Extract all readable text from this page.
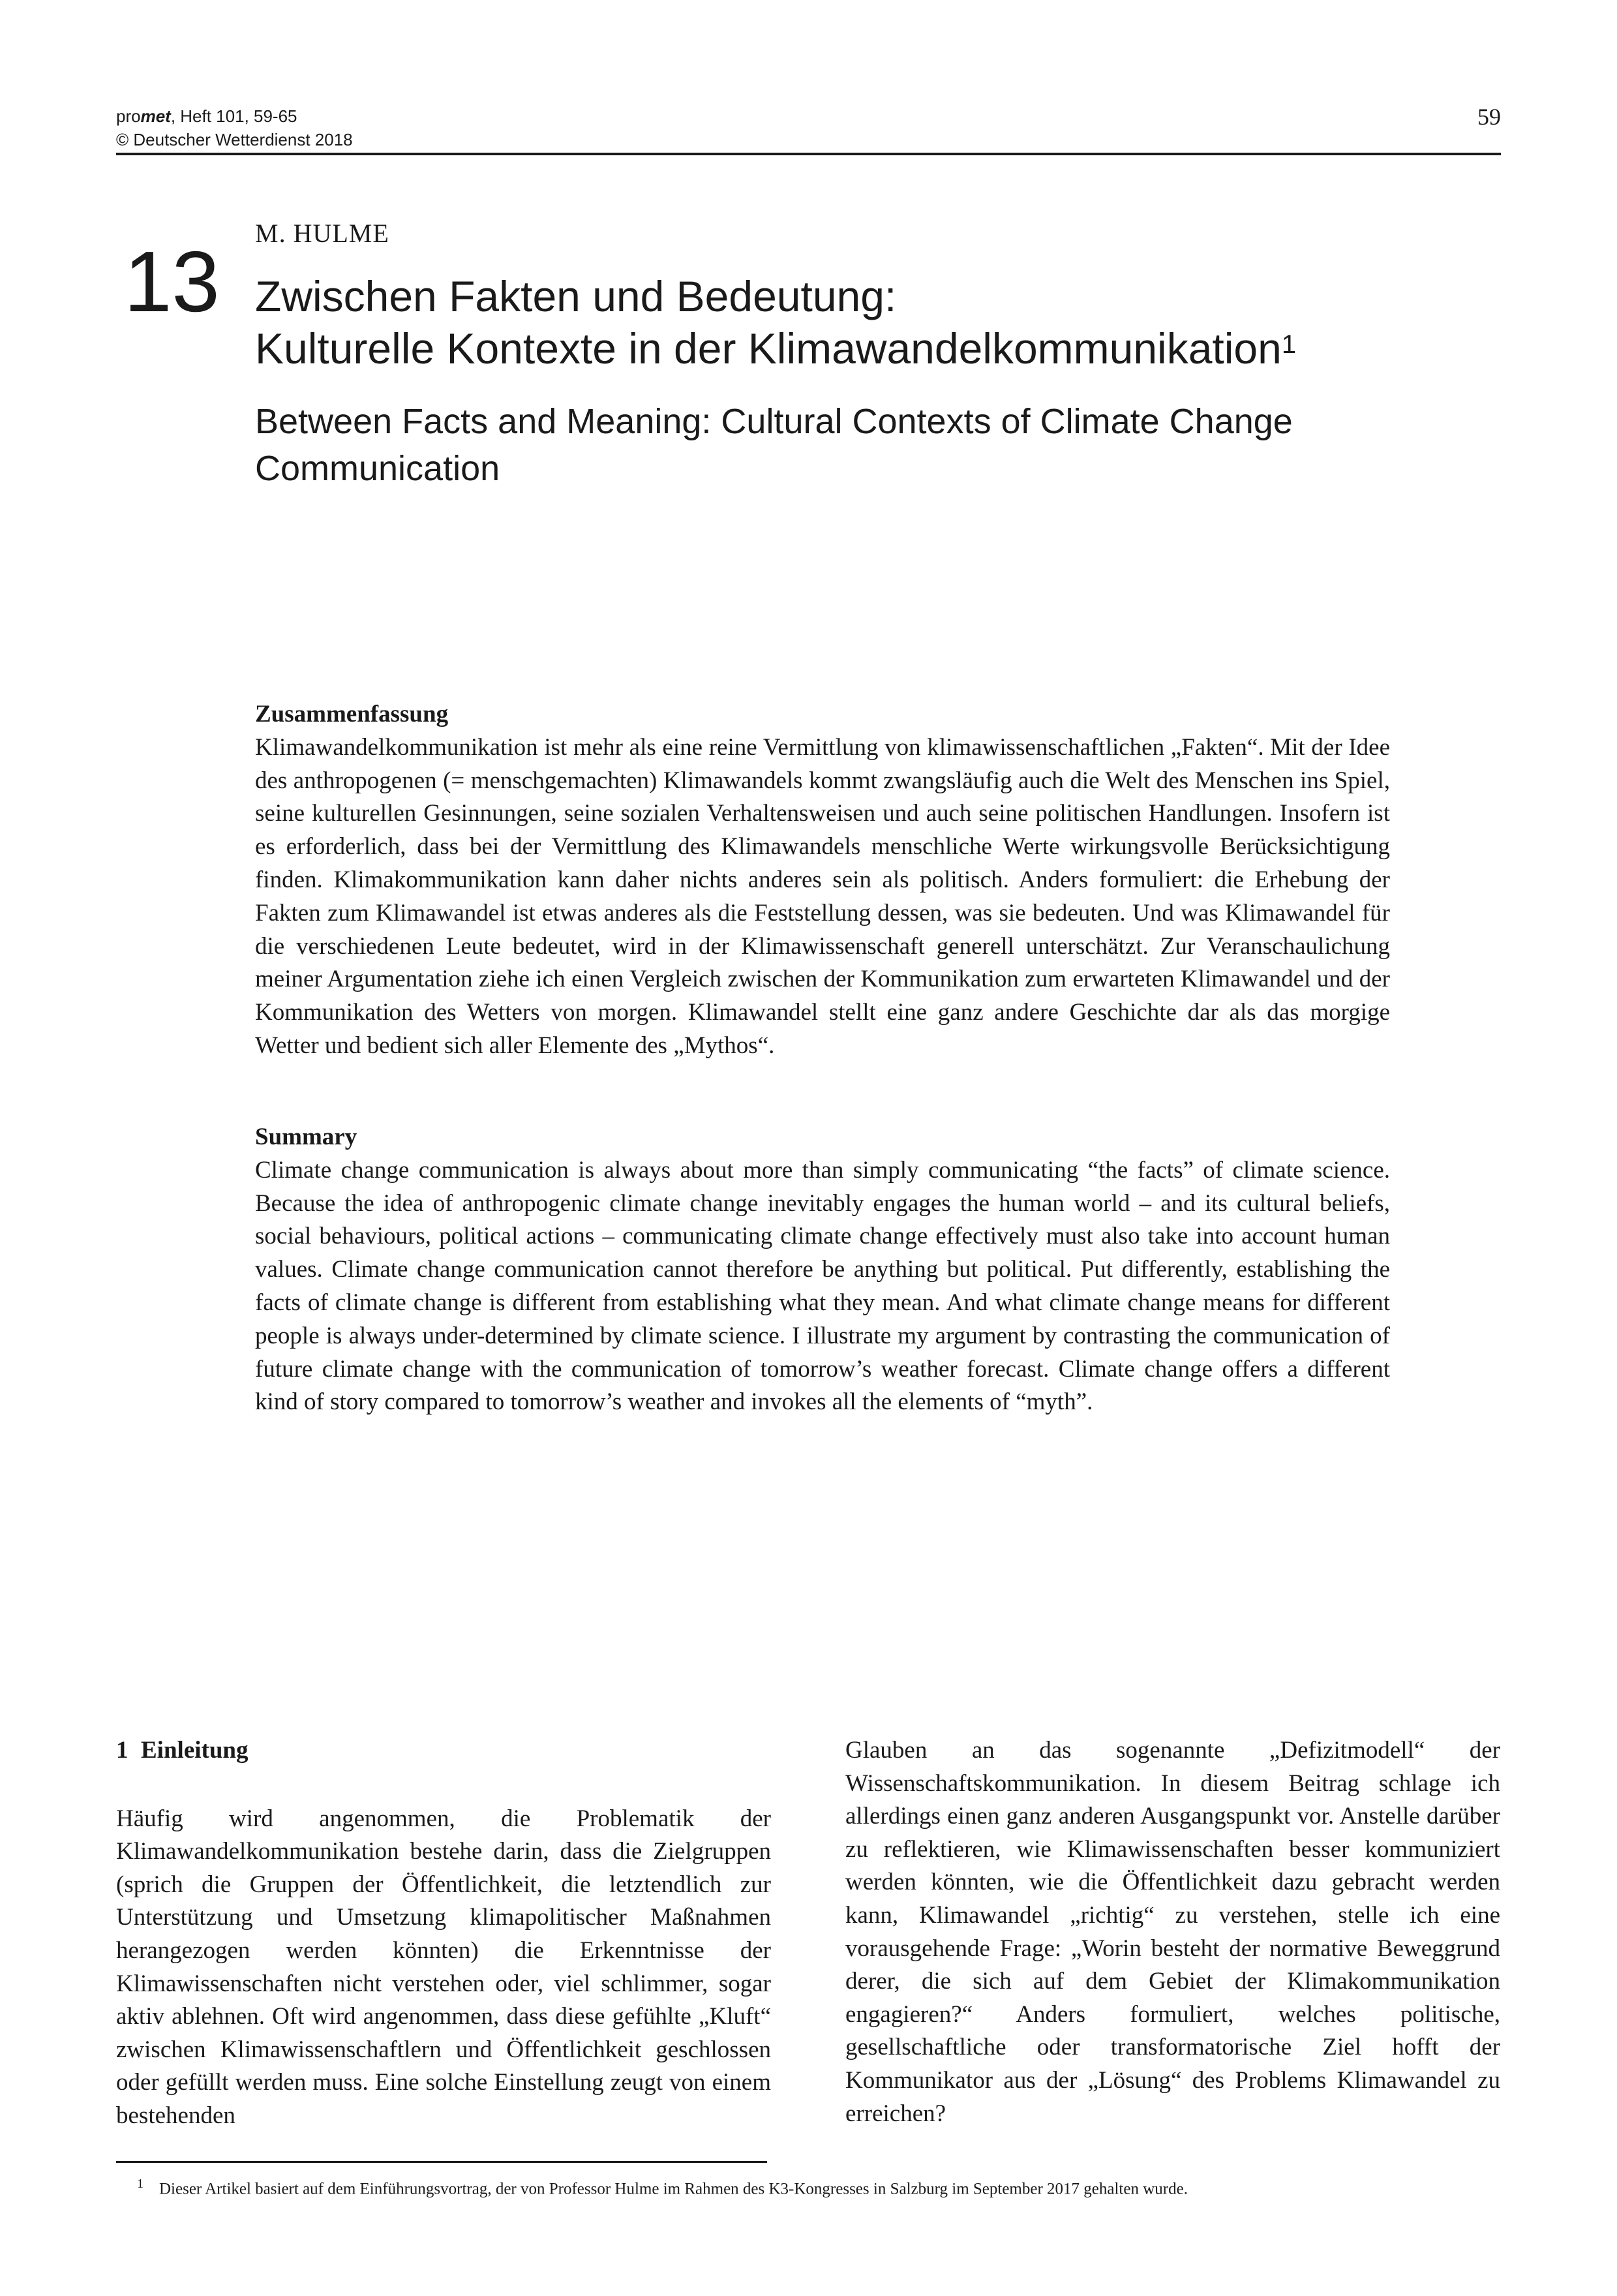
promet, Heft 101, 59-65
© Deutscher Wetterdienst 2018
59
13
M. HULME
Zwischen Fakten und Bedeutung:
Kulturelle Kontexte in der Klimawandelkommunikation$^1$
Between Facts and Meaning: Cultural Contexts of Climate Change Communication
Zusammenfassung

Klimawandelkommunikation ist mehr als eine reine Vermittlung von klimawissenschaftlichen „Fakten“. Mit der Idee des anthropogenen (= menschgemachten) Klimawandels kommt zwangsläufig auch die Welt des Menschen ins Spiel, seine kulturellen Gesinnungen, seine sozialen Verhaltensweisen und auch seine politischen Handlungen. Insofern ist es erforderlich, dass bei der Vermittlung des Klimawandels menschliche Werte wirkungsvolle Berücksichtigung finden. Klimakommunikation kann daher nichts anderes sein als politisch. Anders formuliert: die Erhebung der Fakten zum Klimawandel ist etwas anderes als die Feststellung dessen, was sie bedeuten. Und was Klimawandel für die verschiedenen Leute bedeutet, wird in der Klimawissenschaft generell unterschätzt. Zur Veranschaulichung meiner Argumentation ziehe ich einen Vergleich zwischen der Kommunikation zum erwarteten Klimawandel und der Kommunikation des Wetters von morgen. Klimawandel stellt eine ganz andere Geschichte dar als das morgige Wetter und bedient sich aller Elemente des „Mythos“.

Summary

Climate change communication is always about more than simply communicating “the facts” of climate science. Because the idea of anthropogenic climate change inevitably engages the human world – and its cultural beliefs, social behaviours, political actions – communicating climate change effectively must also take into account human values. Climate change communication cannot therefore be anything but political. Put differently, establishing the facts of climate change is different from establishing what they mean. And what climate change means for different people is always under-determined by climate science. I illustrate my argument by contrasting the communication of future climate change with the communication of tomorrow’s weather forecast. Climate change offers a different kind of story compared to tomorrow’s weather and invokes all the elements of “myth”.

1 Einleitung

Häufig wird angenommen, die Problematik der Klimawandelkommunikation bestehe darin, dass die Zielgruppen (sprich die Gruppen der Öffentlichkeit, die letztendlich zur Unterstützung und Umsetzung klimapolitischer Maßnahmen herangezogen werden könnten) die Erkenntnisse der Klimawissenschaften nicht verstehen oder, viel schlimmer, sogar aktiv ablehnen. Oft wird angenommen, dass diese gefühlte „Kluft“ zwischen Klimawissenschaftlern und Öffentlichkeit geschlossen oder gefüllt werden muss. Eine solche Einstellung zeugt von einem bestehenden

Glauben an das sogenannte „Defizitmodell“ der Wissenschaftskommunikation. In diesem Beitrag schlage ich allerdings einen ganz anderen Ausgangspunkt vor. Anstelle darüber zu reflektieren, wie Klimawissenschaften besser kommuniziert werden könnten, wie die Öffentlichkeit dazu gebracht werden kann, Klimawandel „richtig“ zu verstehen, stelle ich eine vorausgehende Frage: „Worin besteht der normative Beweggrund derer, die sich auf dem Gebiet der Klimakommunikation engagieren?“ Anders formuliert, welches politische, gesellschaftliche oder transformatorische Ziel hofft der Kommunikator aus der „Lösung“ des Problems Klimawandel zu erreichen?

$^1$ Dieser Artikel basiert auf dem Einführungsvortrag, der von Professor Hulme im Rahmen des K3-Kongresses in Salzburg im September 2017 gehalten wurde.
